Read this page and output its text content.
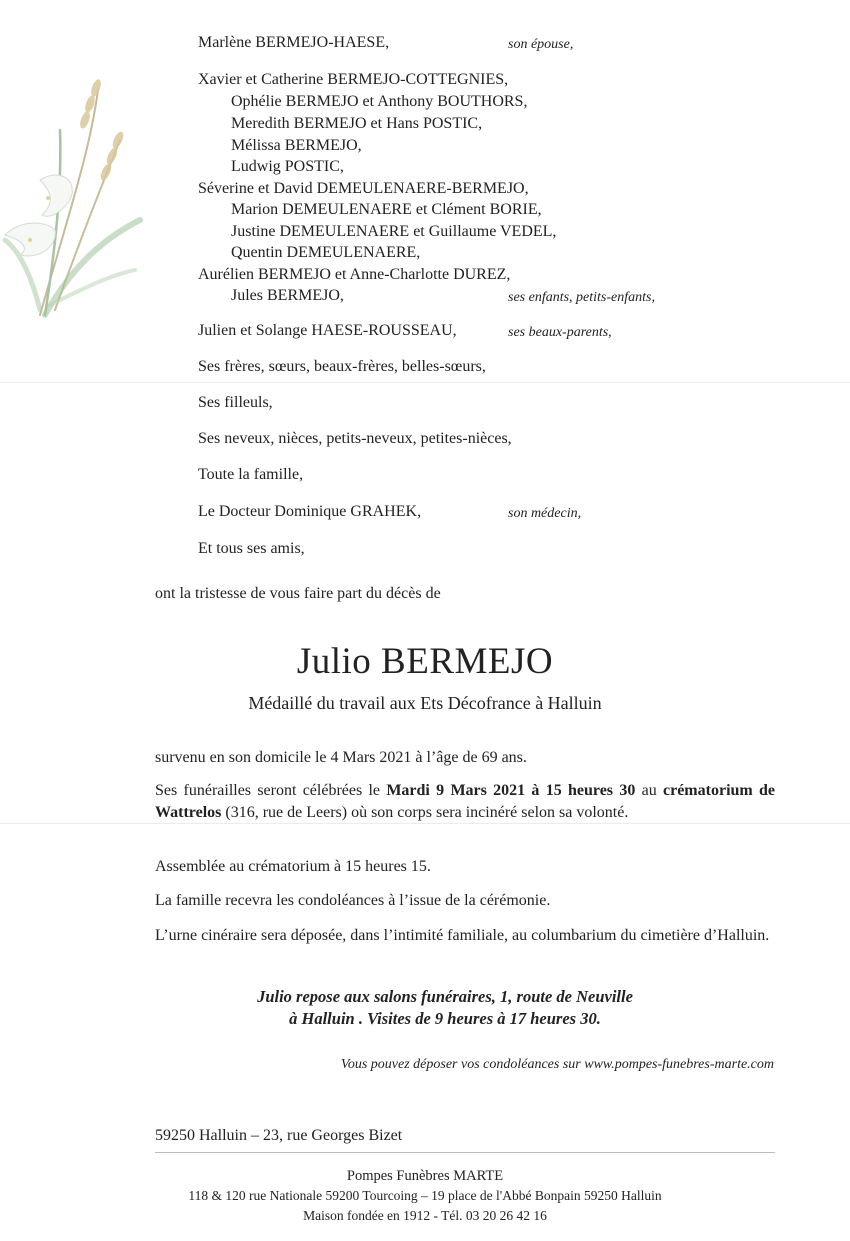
Marlène BERMEJO-HAESE,	son épouse,
Xavier et Catherine BERMEJO-COTTEGNIES,
Ophélie BERMEJO et Anthony BOUTHORS,
Meredith BERMEJO et Hans POSTIC,
Mélissa BERMEJO,
Ludwig POSTIC,
Séverine et David DEMEULENAERE-BERMEJO,
Marion DEMEULENAERE et Clément BORIE,
Justine DEMEULENAERE et Guillaume VEDEL,
Quentin DEMEULENAERE,
Aurélien BERMEJO et Anne-Charlotte DUREZ,
Jules BERMEJO,	ses enfants, petits-enfants,
Julien et Solange HAESE-ROUSSEAU,	ses beaux-parents,
Ses frères, sœurs, beaux-frères, belles-sœurs,
Ses filleuls,
Ses neveux, nièces, petits-neveux, petites-nièces,
Toute la famille,
Le Docteur Dominique GRAHEK,	son médecin,
Et tous ses amis,
ont la tristesse de vous faire part du décès de
Julio BERMEJO
Médaillé du travail aux Ets Décofrance à Halluin
survenu en son domicile le 4 Mars 2021 à l’âge de 69 ans.
Ses funérailles seront célébrées le Mardi 9 Mars 2021 à 15 heures 30 au crématorium de Wattrelos (316, rue de Leers) où son corps sera incinéré selon sa volonté.
Assemblée au crématorium à 15 heures 15.
La famille recevra les condoléances à l’issue de la cérémonie.
L’urne cinéraire sera déposée, dans l’intimité familiale, au columbarium du cimetière d’Halluin.
Julio repose aux salons funéraires, 1, route de Neuville
à Halluin . Visites de 9 heures à 17 heures 30.
Vous pouvez déposer vos condoléances sur www.pompes-funebres-marte.com
59250 Halluin – 23, rue Georges Bizet
Pompes Funèbres MARTE
118 & 120 rue Nationale 59200 Tourcoing – 19 place de l'Abbé Bonpain 59250 Halluin
Maison fondée en 1912 - Tél. 03 20 26 42 16
